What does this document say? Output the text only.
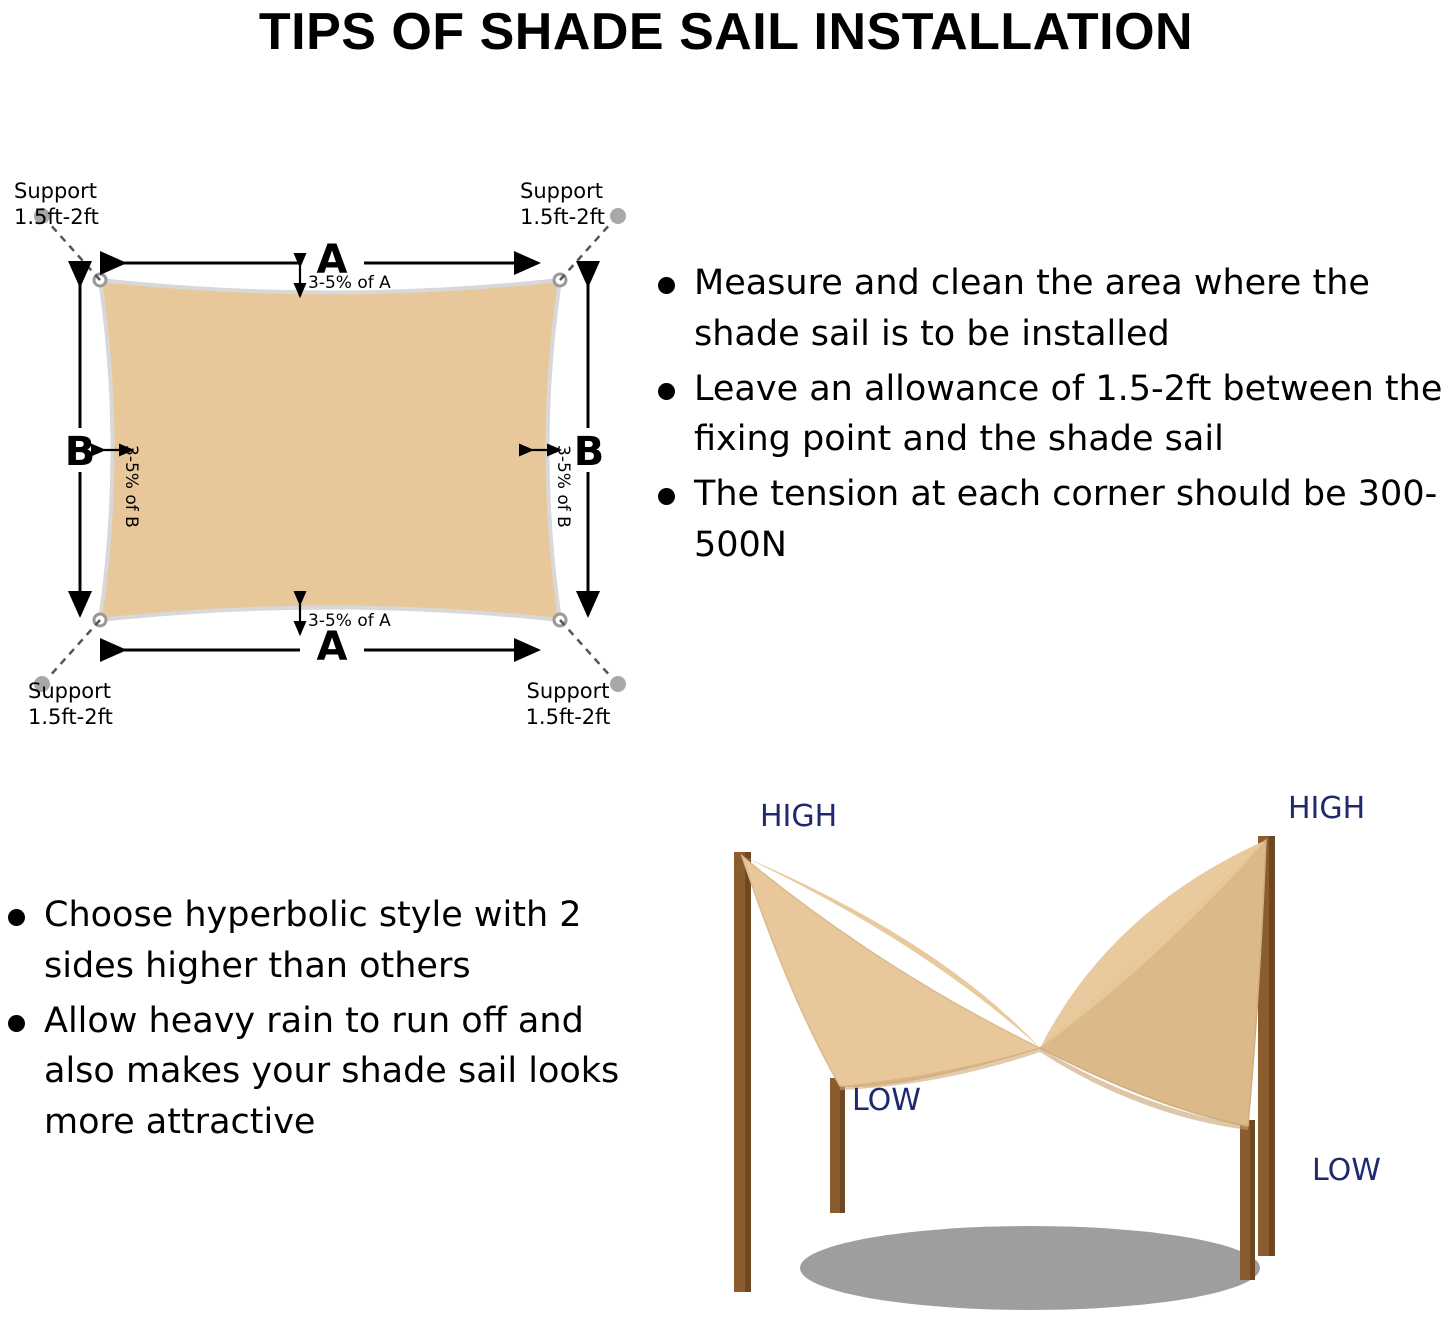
TIPS OF SHADE SAIL INSTALLATION
A
A
B	B
3-5% of A
3-5% of A
3-5% of B	3-5% of B
Support
1.5ft-2ft
Support
1.5ft-2ft
Support
1.5ft-2ft
Support
1.5ft-2ft
Measure and clean the area where the shade sail is to be installed
Leave an allowance of 1.5-2ft between the fixing point and the shade sail
The tension at each corner should be 300-500N
Choose hyperbolic style with 2 sides higher than others
Allow heavy rain to run off and also makes your shade sail looks more attractive
HIGH	HIGH
LOW
LOW
